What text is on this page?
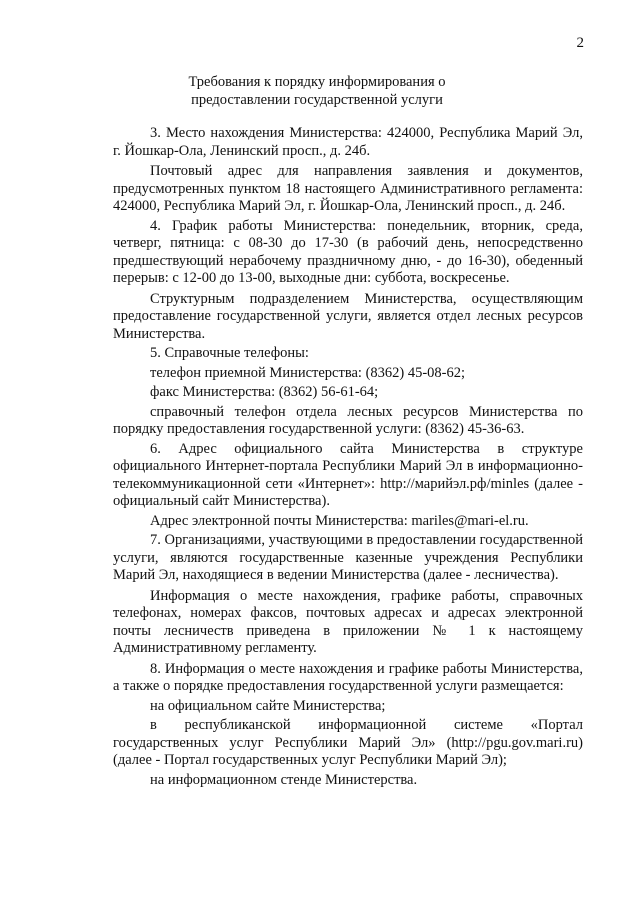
2
Требования к порядку информирования о
предоставлении государственной услуги

3. Место нахождения Министерства: 424000, Республика Марий Эл, г. Йошкар-Ола, Ленинский просп., д. 24б.

Почтовый адрес для направления заявления и документов, предусмотренных пунктом 18 настоящего Административного регламента: 424000, Республика Марий Эл, г. Йошкар-Ола, Ленинский просп., д. 24б.

4. График работы Министерства: понедельник, вторник, среда, четверг, пятница: с 08-30 до 17-30 (в рабочий день, непосредственно предшествующий нерабочему праздничному дню, - до 16-30), обеденный перерыв: с 12-00 до 13-00, выходные дни: суббота, воскресенье.

Структурным подразделением Министерства, осуществляющим предоставление государственной услуги, является отдел лесных ресурсов Министерства.

5. Справочные телефоны:

телефон приемной Министерства: (8362) 45-08-62;

факс Министерства: (8362) 56-61-64;

справочный телефон отдела лесных ресурсов Министерства по порядку предоставления государственной услуги: (8362) 45-36-63.

6. Адрес официального сайта Министерства в структуре официального Интернет-портала Республики Марий Эл в информационно-телекоммуникационной сети «Интернет»: http://марийэл.рф/minles (далее - официальный сайт Министерства).

Адрес электронной почты Министерства: mariles@mari-el.ru.

7. Организациями, участвующими в предоставлении государственной услуги, являются государственные казенные учреждения Республики Марий Эл, находящиеся в ведении Министерства (далее - лесничества).

Информация о месте нахождения, графике работы, справочных телефонах, номерах факсов, почтовых адресах и адресах электронной почты лесничеств приведена в приложении № 1 к настоящему Административному регламенту.

8. Информация о месте нахождения и графике работы Министерства, а также о порядке предоставления государственной услуги размещается:

на официальном сайте Министерства;

в республиканской информационной системе «Портал государственных услуг Республики Марий Эл» (http://pgu.gov.mari.ru) (далее - Портал государственных услуг Республики Марий Эл);

на информационном стенде Министерства.
